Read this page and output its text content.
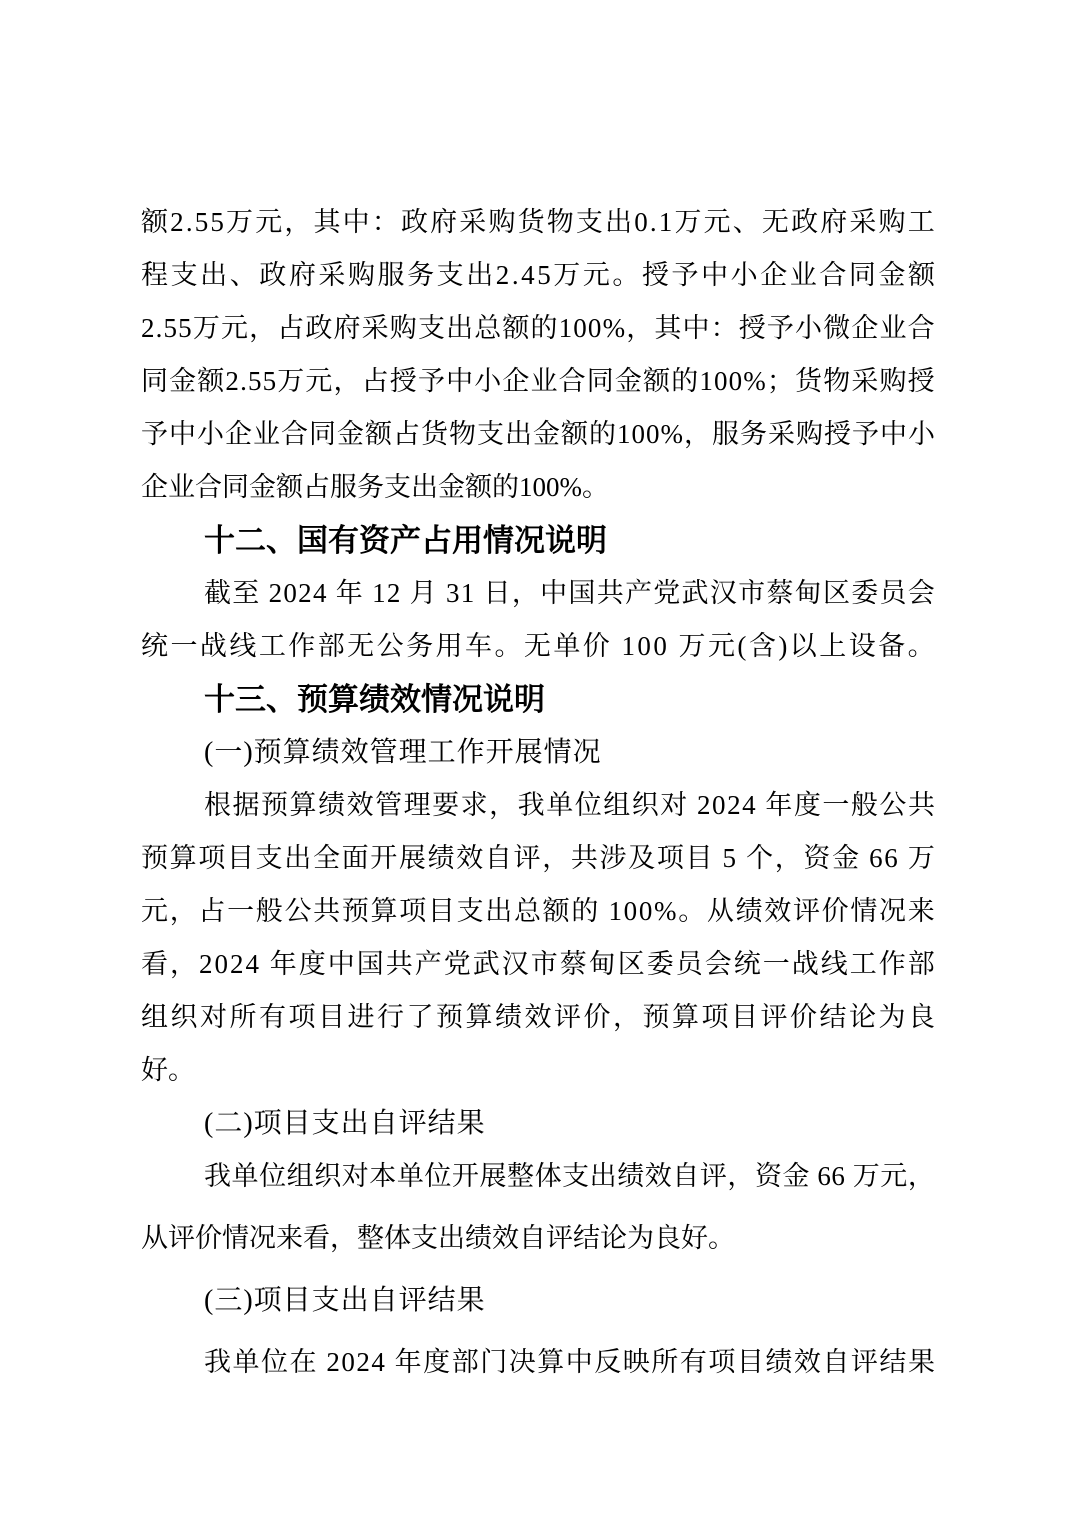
额 2 . 5 5 万 元 ， 其 中 ： 政 府 采 购 货 物 支 出 0 . 1 万 元 、 无 政 府 采 购 工
程 支 出 、 政 府 采 购 服 务 支 出 2 . 4 5 万 元 。 授 予 中 小 企 业 合 同 金 额
2 . 5 5 万 元 ， 占 政 府 采 购 支 出 总 额 的 1 0 0 % ， 其 中 ： 授 予 小 微 企 业 合
同 金 额 2 . 5 5 万 元 ， 占 授 予 中 小 企 业 合 同 金 额 的 1 0 0 % ； 货 物 采 购 授
予 中 小 企 业 合 同 金 额 占 货 物 支 出 金 额 的 1 0 0 % ， 服 务 采 购 授 予 中 小
企业合同金额占服务支出金额的100%。
十二、国有资产占用情况说明
截 至
2 0 2 4
年
1 2
月
3 1
日 ， 中 国 共 产 党 武 汉 市 蔡 甸 区 委 员 会
统 一 战 线 工 作 部 无 公 务 用 车 。 无 单 价
1 0 0
万 元 ( 含 ) 以 上 设 备 。
十三、预算绩效情况说明
(一)预算绩效管理工作开展情况
根 据 预 算 绩 效 管 理 要 求 ， 我 单 位 组 织 对
2 0 2 4
年 度 一 般 公 共
预 算 项 目 支 出 全 面 开 展 绩 效 自 评 ， 共 涉 及 项 目
5
个 ， 资 金
6 6
万
元 ， 占 一 般 公 共 预 算 项 目 支 出 总 额 的
1 0 0 % 。 从 绩 效 评 价 情 况 来
看 ， 2 0 2 4
年 度 中 国 共 产 党 武 汉 市 蔡 甸 区 委 员 会 统 一 战 线 工 作 部
组 织 对 所 有 项 目 进 行 了 预 算 绩 效 评 价 ， 预 算 项 目 评 价 结 论 为 良
好。
(二)项目支出自评结果
我 单 位 组 织 对 本 单 位 开 展 整 体 支 出 绩 效 自 评 ， 资 金
6 6
万 元 ，
从评价情况来看，整体支出绩效自评结论为良好。
(三)项目支出自评结果
我 单 位 在
2 0 2 4
年 度 部 门 决 算 中 反 映 所 有 项 目 绩 效 自 评 结 果
